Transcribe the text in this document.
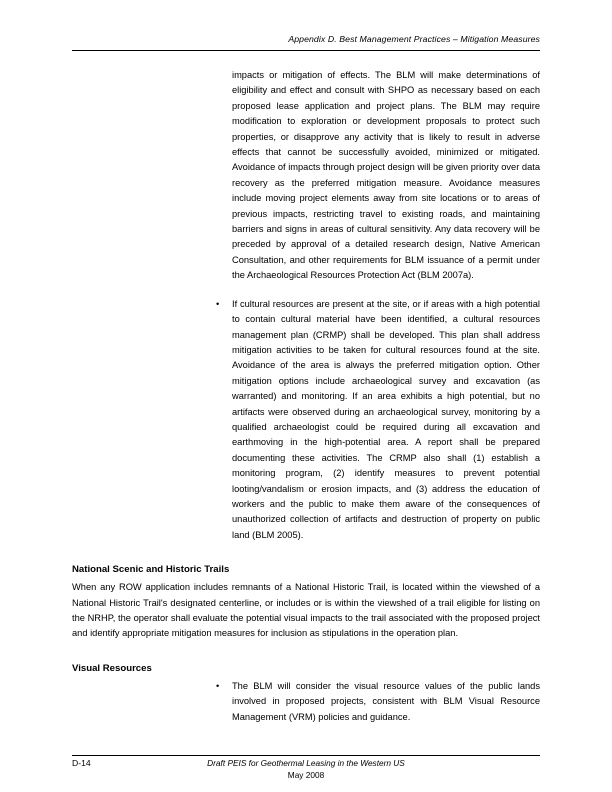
Appendix D. Best Management Practices – Mitigation Measures

impacts or mitigation of effects. The BLM will make determinations of eligibility and effect and consult with SHPO as necessary based on each proposed lease application and project plans. The BLM may require modification to exploration or development proposals to protect such properties, or disapprove any activity that is likely to result in adverse effects that cannot be successfully avoided, minimized or mitigated. Avoidance of impacts through project design will be given priority over data recovery as the preferred mitigation measure. Avoidance measures include moving project elements away from site locations or to areas of previous impacts, restricting travel to existing roads, and maintaining barriers and signs in areas of cultural sensitivity. Any data recovery will be preceded by approval of a detailed research design, Native American Consultation, and other requirements for BLM issuance of a permit under the Archaeological Resources Protection Act (BLM 2007a).

•	If cultural resources are present at the site, or if areas with a high potential to contain cultural material have been identified, a cultural resources management plan (CRMP) shall be developed. This plan shall address mitigation activities to be taken for cultural resources found at the site. Avoidance of the area is always the preferred mitigation option. Other mitigation options include archaeological survey and excavation (as warranted) and monitoring. If an area exhibits a high potential, but no artifacts were observed during an archaeological survey, monitoring by a qualified archaeologist could be required during all excavation and earthmoving in the high-potential area. A report shall be prepared documenting these activities. The CRMP also shall (1) establish a monitoring program, (2) identify measures to prevent potential looting/vandalism or erosion impacts, and (3) address the education of workers and the public to make them aware of the consequences of unauthorized collection of artifacts and destruction of property on public land (BLM 2005).
National Scenic and Historic Trails
When any ROW application includes remnants of a National Historic Trail, is located within the viewshed of a National Historic Trail's designated centerline, or includes or is within the viewshed of a trail eligible for listing on the NRHP, the operator shall evaluate the potential visual impacts to the trail associated with the proposed project and identify appropriate mitigation measures for inclusion as stipulations in the operation plan.
Visual Resources
•	The BLM will consider the visual resource values of the public lands involved in proposed projects, consistent with BLM Visual Resource Management (VRM) policies and guidance.
D-14	Draft PEIS for Geothermal Leasing in the Western US
May 2008
